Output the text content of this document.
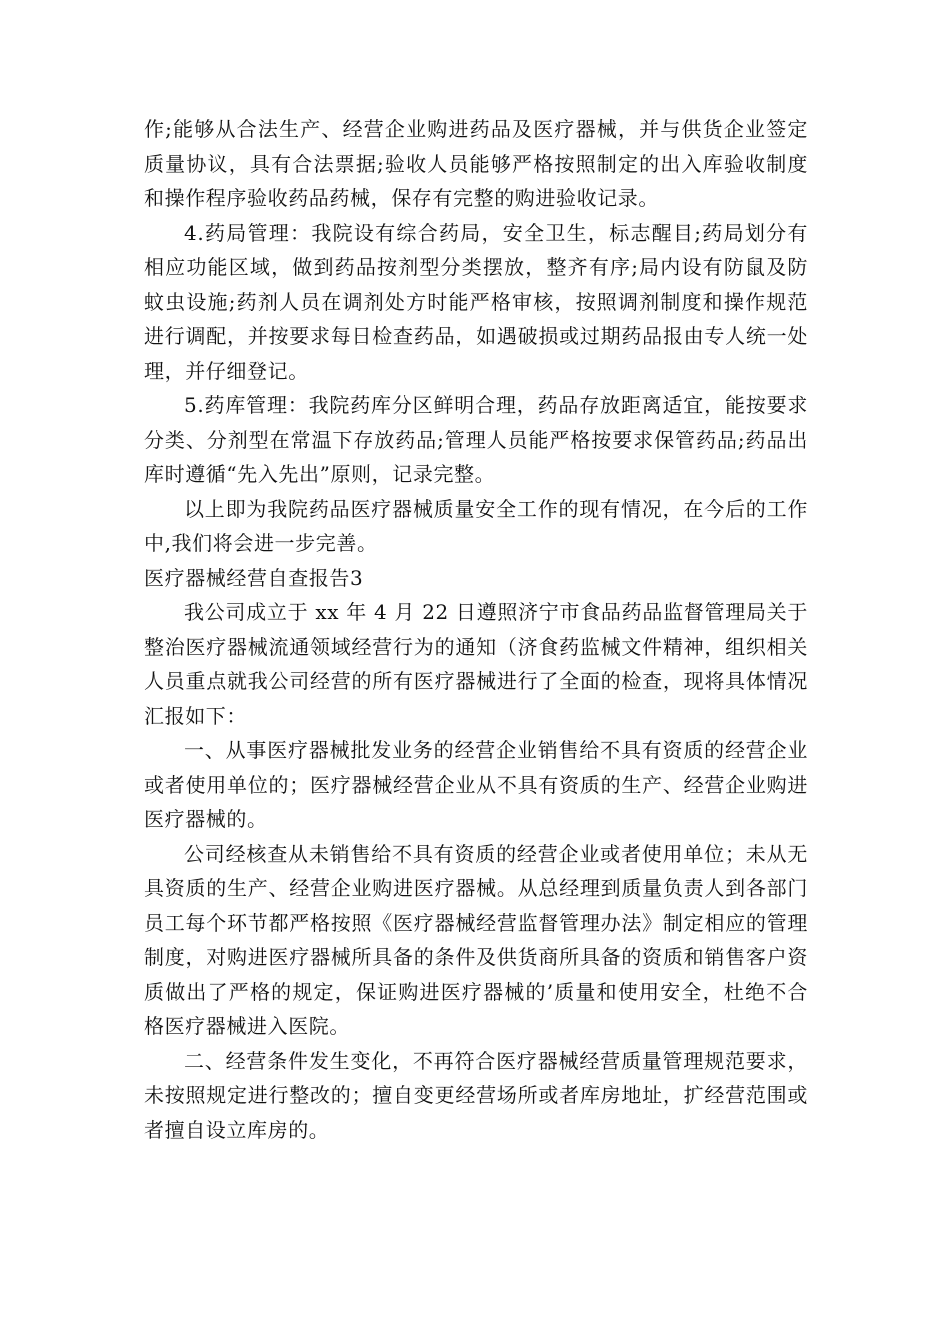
作;能够从合法生产、经营企业购进药品及医疗器械，并与供货企业签定质量协议，具有合法票据;验收人员能够严格按照制定的出入库验收制度和操作程序验收药品药械，保存有完整的购进验收记录。

4.药局管理：我院设有综合药局，安全卫生，标志醒目;药局划分有相应功能区域，做到药品按剂型分类摆放，整齐有序;局内设有防鼠及防蚊虫设施;药剂人员在调剂处方时能严格审核，按照调剂制度和操作规范进行调配，并按要求每日检查药品，如遇破损或过期药品报由专人统一处理，并仔细登记。

5.药库管理：我院药库分区鲜明合理，药品存放距离适宜，能按要求分类、分剂型在常温下存放药品;管理人员能严格按要求保管药品;药品出库时遵循“先入先出”原则，记录完整。

以上即为我院药品医疗器械质量安全工作的现有情况，在今后的工作中,我们将会进一步完善。

医疗器械经营自查报告3

我公司成立于 xx 年 4 月 22 日遵照济宁市食品药品监督管理局关于整治医疗器械流通领域经营行为的通知（济食药监械文件精神，组织相关人员重点就我公司经营的所有医疗器械进行了全面的检查，现将具体情况汇报如下：

一、从事医疗器械批发业务的经营企业销售给不具有资质的经营企业或者使用单位的；医疗器械经营企业从不具有资质的生产、经营企业购进医疗器械的。

公司经核查从未销售给不具有资质的经营企业或者使用单位；未从无具资质的生产、经营企业购进医疗器械。从总经理到质量负责人到各部门员工每个环节都严格按照《医疗器械经营监督管理办法》制定相应的管理制度，对购进医疗器械所具备的条件及供货商所具备的资质和销售客户资质做出了严格的规定，保证购进医疗器械的’质量和使用安全，杜绝不合格医疗器械进入医院。

二、经营条件发生变化，不再符合医疗器械经营质量管理规范要求，未按照规定进行整改的；擅自变更经营场所或者库房地址，扩经营范围或者擅自设立库房的。
